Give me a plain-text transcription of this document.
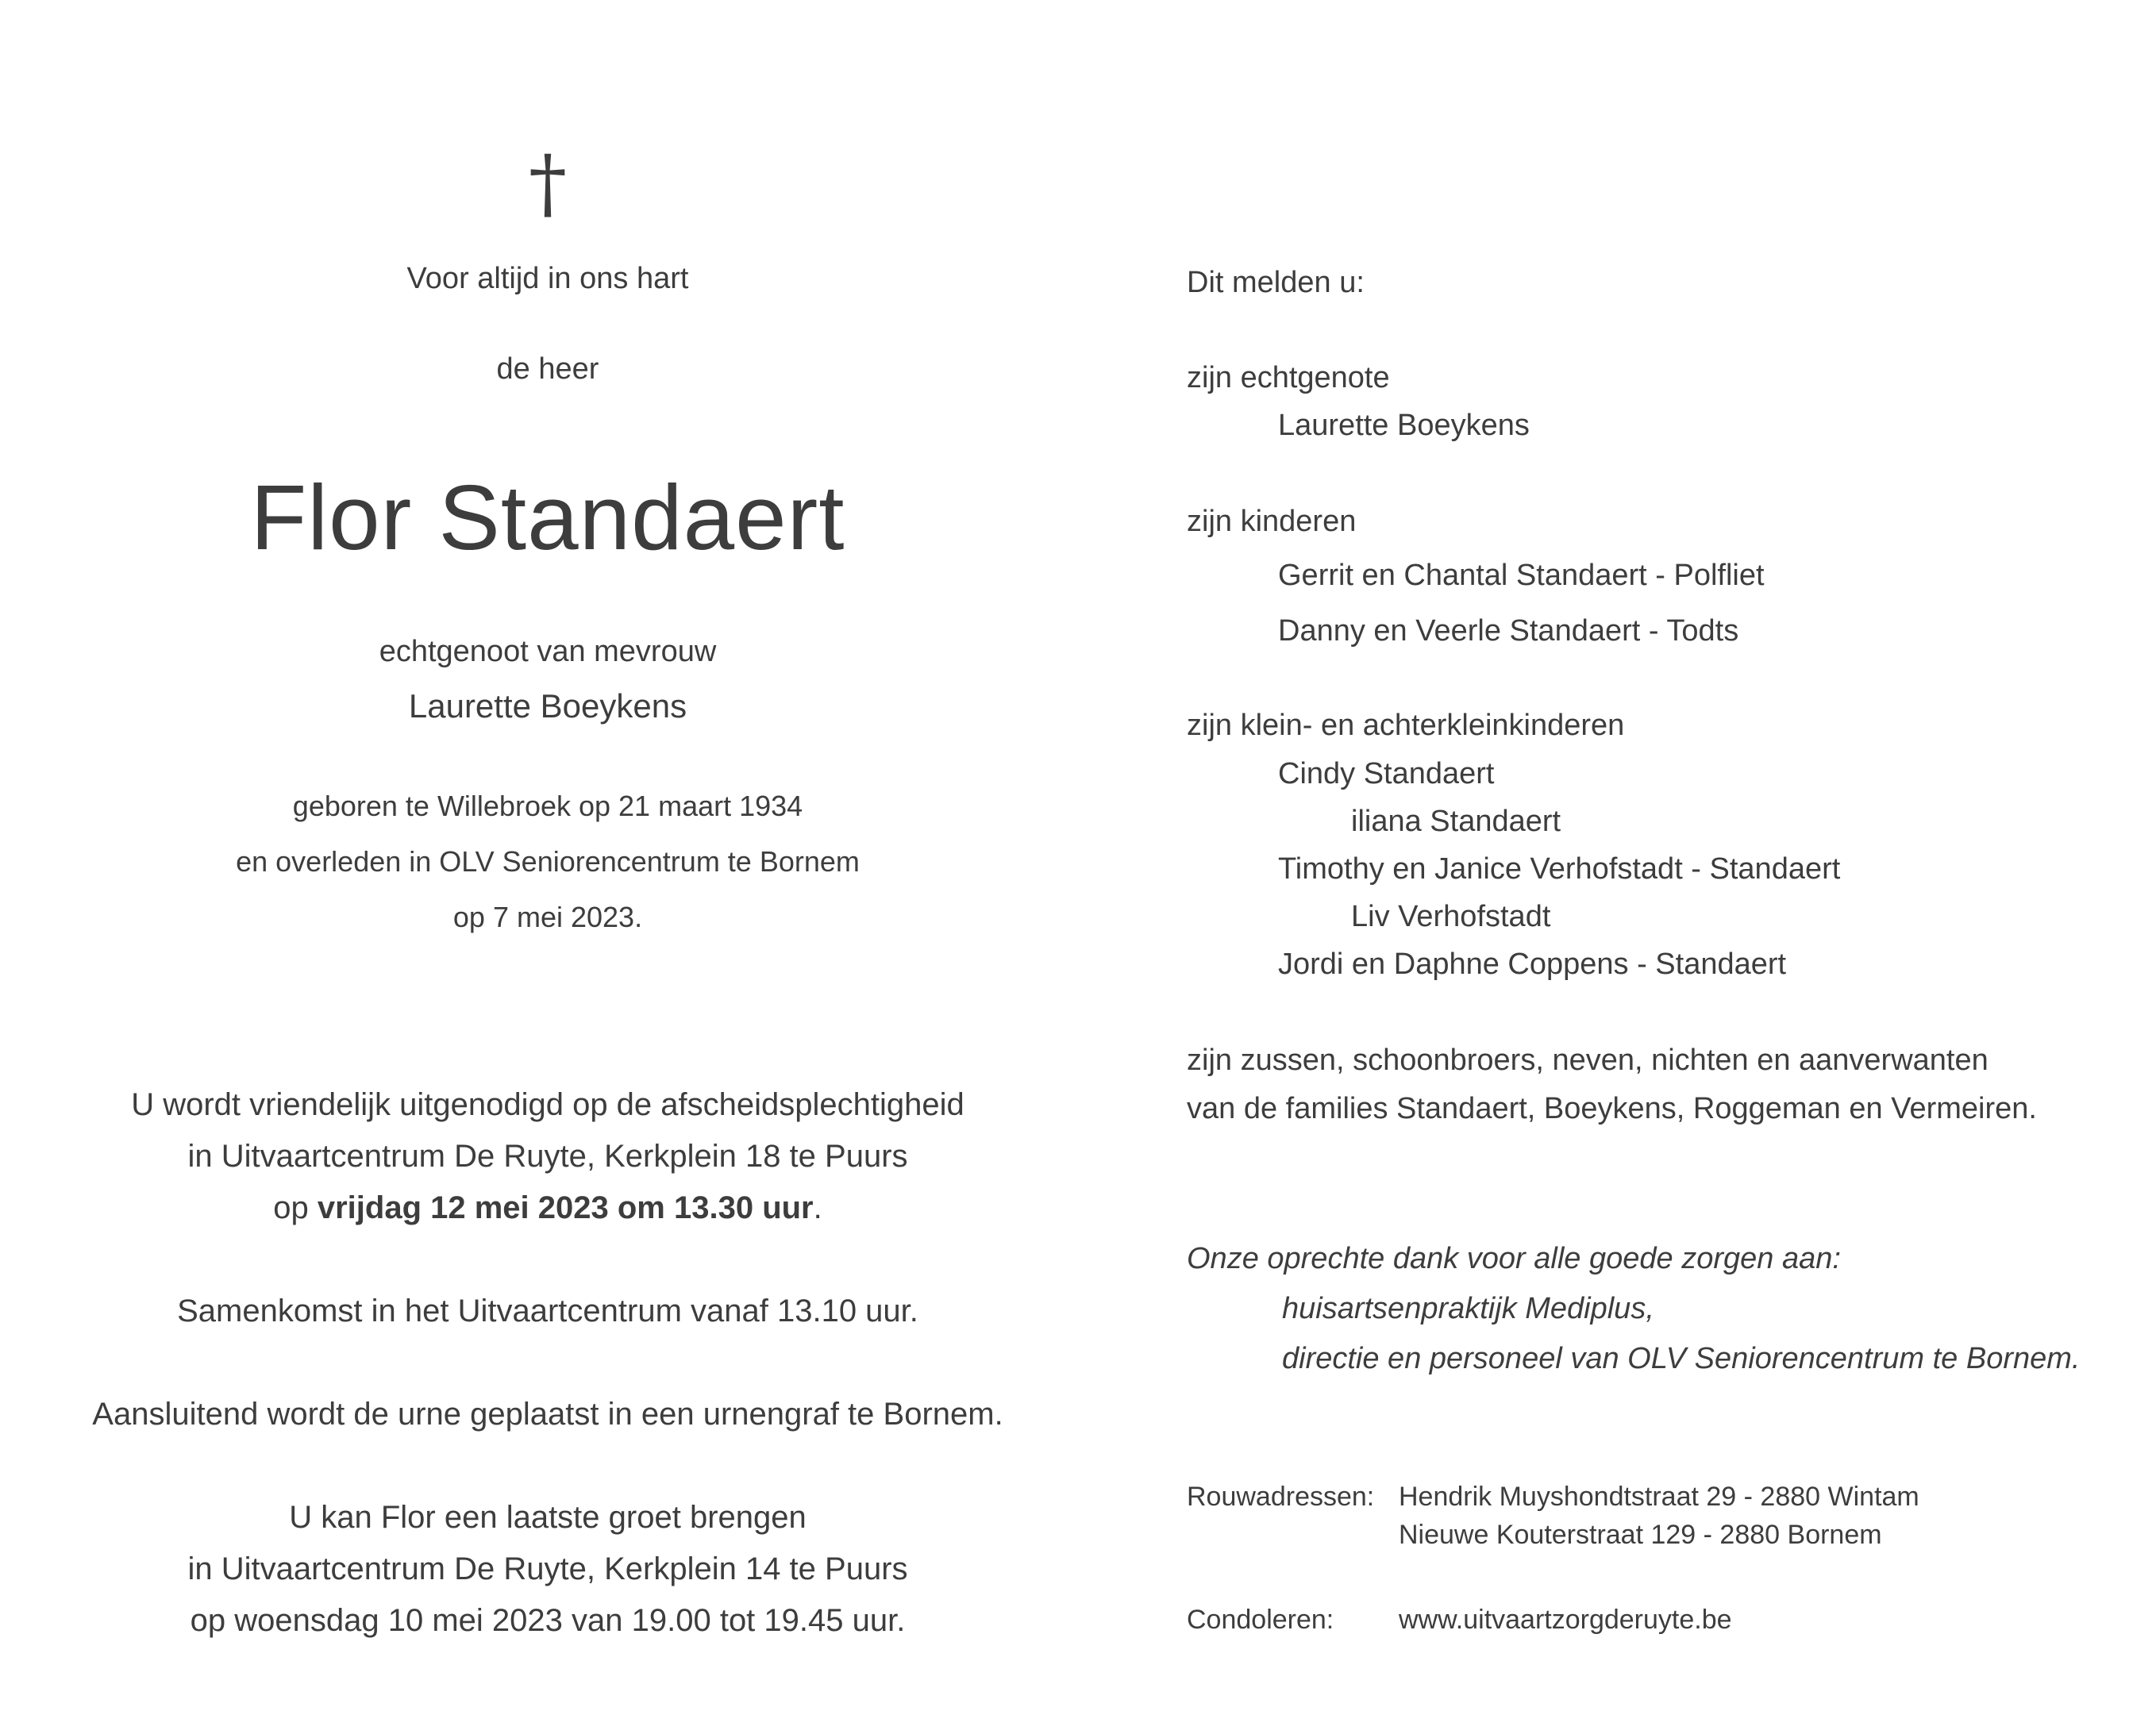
†
Voor altijd in ons hart
de heer
Flor Standaert
echtgenoot van mevrouw
Laurette Boeykens
geboren te Willebroek op 21 maart 1934
en overleden in OLV Seniorencentrum te Bornem
op 7 mei 2023.
U wordt vriendelijk uitgenodigd op de afscheidsplechtigheid
in Uitvaartcentrum De Ruyte, Kerkplein 18 te Puurs
op vrijdag 12 mei 2023 om 13.30 uur.
Samenkomst in het Uitvaartcentrum vanaf 13.10 uur.
Aansluitend wordt de urne geplaatst in een urnengraf te Bornem.
U kan Flor een laatste groet brengen
in Uitvaartcentrum De Ruyte, Kerkplein 14 te Puurs
op woensdag 10 mei 2023 van 19.00 tot 19.45 uur.
Dit melden u:
zijn echtgenote
Laurette Boeykens
zijn kinderen
Gerrit en Chantal Standaert - Polfliet
Danny en Veerle Standaert - Todts
zijn klein- en achterkleinkinderen
Cindy Standaert
iliana Standaert
Timothy en Janice Verhofstadt - Standaert
Liv Verhofstadt
Jordi en Daphne Coppens - Standaert
zijn zussen, schoonbroers, neven, nichten en aanverwanten
van de families Standaert, Boeykens, Roggeman en Vermeiren.
Onze oprechte dank voor alle goede zorgen aan:
huisartsenpraktijk Mediplus,
directie en personeel van OLV Seniorencentrum te Bornem.
Rouwadressen: Hendrik Muyshondtstraat 29 - 2880 Wintam
Nieuwe Kouterstraat 129 - 2880 Bornem
Condoleren: www.uitvaartzorgderuyte.be
